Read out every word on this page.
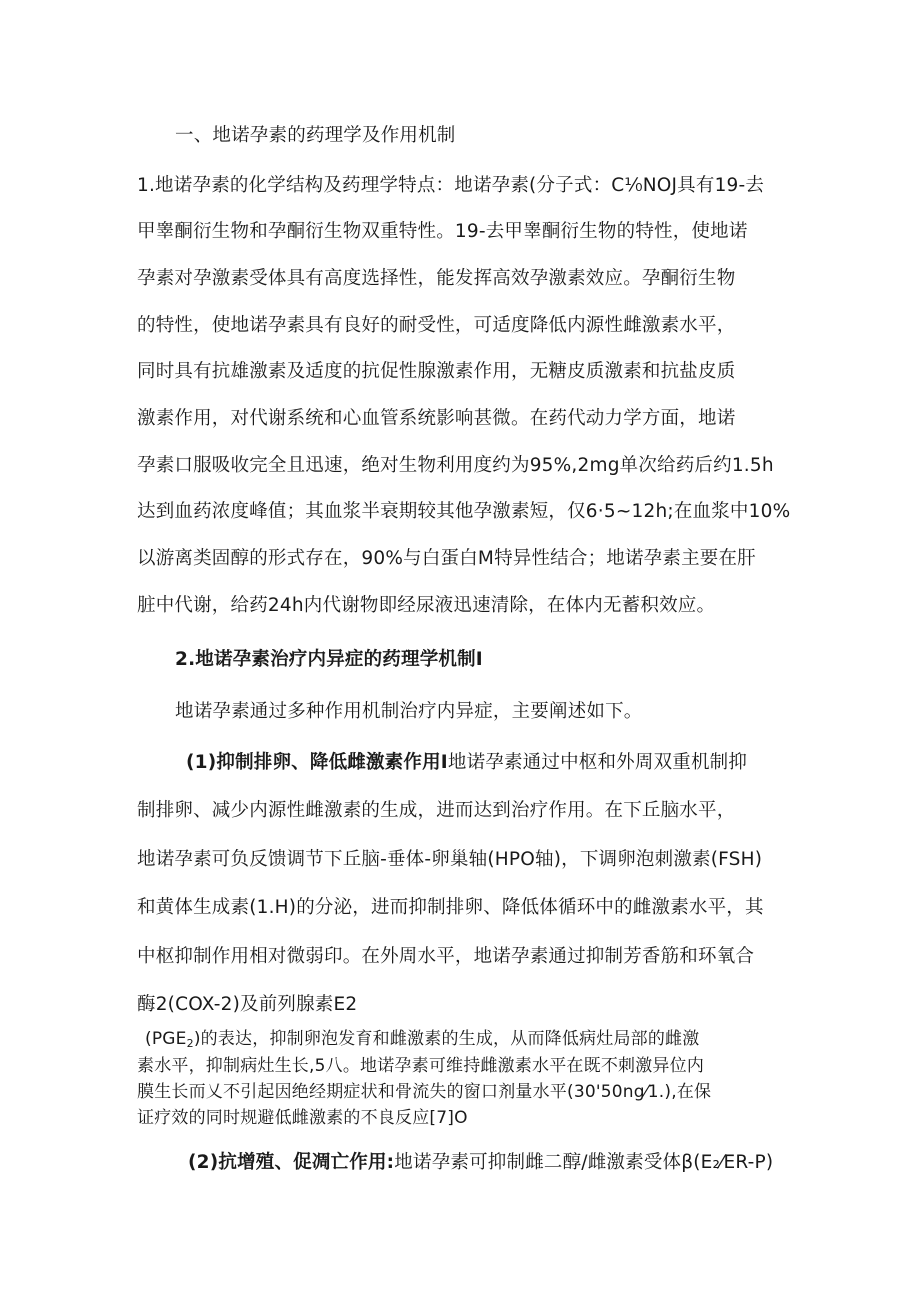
一、地诺孕素的药理学及作用机制
1.地诺孕素的化学结构及药理学特点：地诺孕素(分子式：C⅟₀NOJ具有19-去
甲睾酮衍生物和孕酮衍生物双重特性。19-去甲睾酮衍生物的特性，使地诺
孕素对孕激素受体具有高度选择性，能发挥高效孕激素效应。孕酮衍生物
的特性，使地诺孕素具有良好的耐受性，可适度降低内源性雌激素水平，
同时具有抗雄激素及适度的抗促性腺激素作用，无糖皮质激素和抗盐皮质
激素作用，对代谢系统和心血管系统影响甚微。在药代动力学方面，地诺
孕素口服吸收完全且迅速，绝对生物利用度约为95%,2mg单次给药后约1.5h
达到血药浓度峰值；其血浆半衰期较其他孕激素短，仅6·5~12h;在血浆中10%
以游离类固醇的形式存在，90%与白蛋白M特异性结合；地诺孕素主要在肝
脏中代谢，给药24h内代谢物即经尿液迅速清除，在体内无蓄积效应。
2.地诺孕素治疗内异症的药理学机制I
地诺孕素通过多种作用机制治疗内异症，主要阐述如下。
(1)抑制排卵、降低雌激素作用I地诺孕素通过中枢和外周双重机制抑
制排卵、减少内源性雌激素的生成，进而达到治疗作用。在下丘脑水平，
地诺孕素可负反馈调节下丘脑-垂体-卵巢轴(HPO轴)，下调卵泡刺激素(FSH)
和黄体生成素(1.H)的分泌，进而抑制排卵、降低体循环中的雌激素水平，其
中枢抑制作用相对微弱印。在外周水平，地诺孕素通过抑制芳香筋和环氧合
酶2(COX-2)及前列腺素E2
$(PGE_2)$的表达，抑制卵泡发育和雌激素的生成，从而降低病灶局部的雌激
素水平，抑制病灶生长,5八。地诺孕素可维持雌激素水平在既不刺激异位内
膜生长而乂不引起因绝经期症状和骨流失的窗口剂量水平(30'50ng⁄1.),在保
证疗效的同时规避低雌激素的不良反应[7]O
(2)抗增殖、促凋亡作用:地诺孕素可抑制雌二醇/雌激素受体β(E₂⁄ER-P)
